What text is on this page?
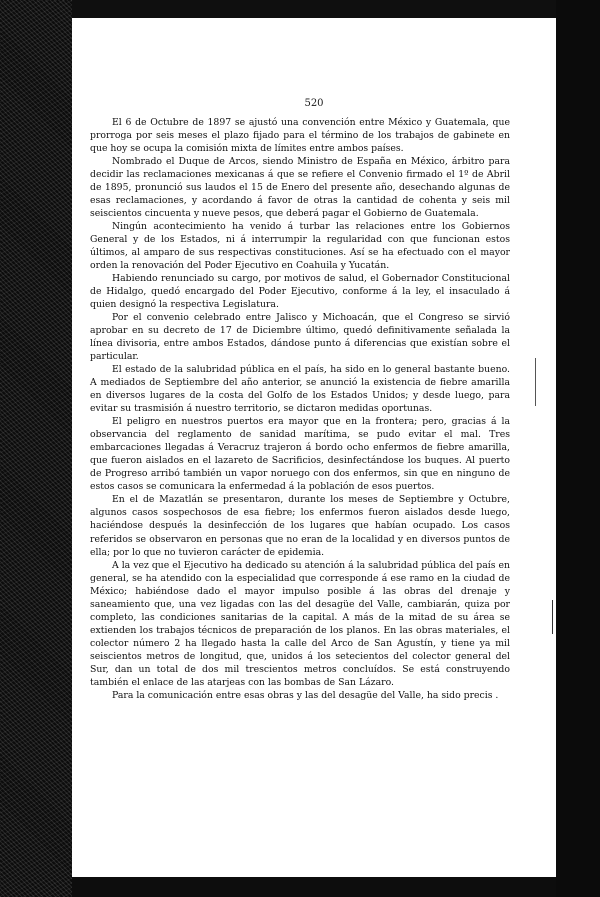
520

El 6 de Octubre de 1897 se ajustó una convención entre México y Guatemala, que prorroga por seis meses el plazo fijado para el término de los trabajos de gabinete en que hoy se ocupa la comisión mixta de límites entre ambos países.

Nombrado el Duque de Arcos, siendo Ministro de España en México, árbitro para decidir las reclamaciones mexicanas á que se refiere el Convenio firmado el 1º de Abril de 1895, pronunció sus laudos el 15 de Enero del presente año, desechando algunas de esas reclamaciones, y acordando á favor de otras la cantidad de cohenta y seis mil seiscientos cincuenta y nueve pesos, que deberá pagar el Gobierno de Guatemala.

Ningún acontecimiento ha venido á turbar las relaciones entre los Gobiernos General y de los Estados, ni á interrumpir la regularidad con que funcionan estos últimos, al amparo de sus respectivas constituciones. Así se ha efectuado con el mayor orden la renovación del Poder Ejecutivo en Coahuila y Yucatán.

Habiendo renunciado su cargo, por motivos de salud, el Gobernador Constitucional de Hidalgo, quedó encargado del Poder Ejecutivo, conforme á la ley, el insaculado á quien designó la respectiva Legislatura.

Por el convenio celebrado entre Jalisco y Michoacán, que el Congreso se sirvió aprobar en su decreto de 17 de Diciembre último, quedó definitivamente señalada la línea divisoria, entre ambos Estados, dándose punto á diferencias que existían sobre el particular.

El estado de la salubridad pública en el país, ha sido en lo general bastante bueno. A mediados de Septiembre del año anterior, se anunció la existencia de fiebre amarilla en diversos lugares de la costa del Golfo de los Estados Unidos; y desde luego, para evitar su trasmisión á nuestro territorio, se dictaron medidas oportunas.

El peligro en nuestros puertos era mayor que en la frontera; pero, gracias á la observancia del reglamento de sanidad marítima, se pudo evitar el mal. Tres embarcaciones llegadas á Veracruz trajeron á bordo ocho enfermos de fiebre amarilla, que fueron aislados en el lazareto de Sacrificios, desinfectándose los buques. Al puerto de Progreso arribó también un vapor noruego con dos enfermos, sin que en ninguno de estos casos se comunicara la enfermedad á la población de esos puertos.

En el de Mazatlán se presentaron, durante los meses de Septiembre y Octubre, algunos casos sospechosos de esa fiebre; los enfermos fueron aislados desde luego, haciéndose después la desinfección de los lugares que habían ocupado. Los casos referidos se observaron en personas que no eran de la localidad y en diversos puntos de ella; por lo que no tuvieron carácter de epidemia.

A la vez que el Ejecutivo ha dedicado su atención á la salubridad pública del país en general, se ha atendido con la especialidad que corresponde á ese ramo en la ciudad de México; habiéndose dado el mayor impulso posible á las obras del drenaje y saneamiento que, una vez ligadas con las del desagüe del Valle, cambiarán, quiza por completo, las condiciones sanitarias de la capital. A más de la mitad de su área se extienden los trabajos técnicos de preparación de los planos. En las obras materiales, el colector número 2 ha llegado hasta la calle del Arco de San Agustín, y tiene ya mil seiscientos metros de longitud, que, unidos á los setecientos del colector general del Sur, dan un total de dos mil trescientos metros concluídos. Se está construyendo también el enlace de las atarjeas con las bombas de San Lázaro.

Para la comunicación entre esas obras y las del desagüe del Valle, ha sido precis .
